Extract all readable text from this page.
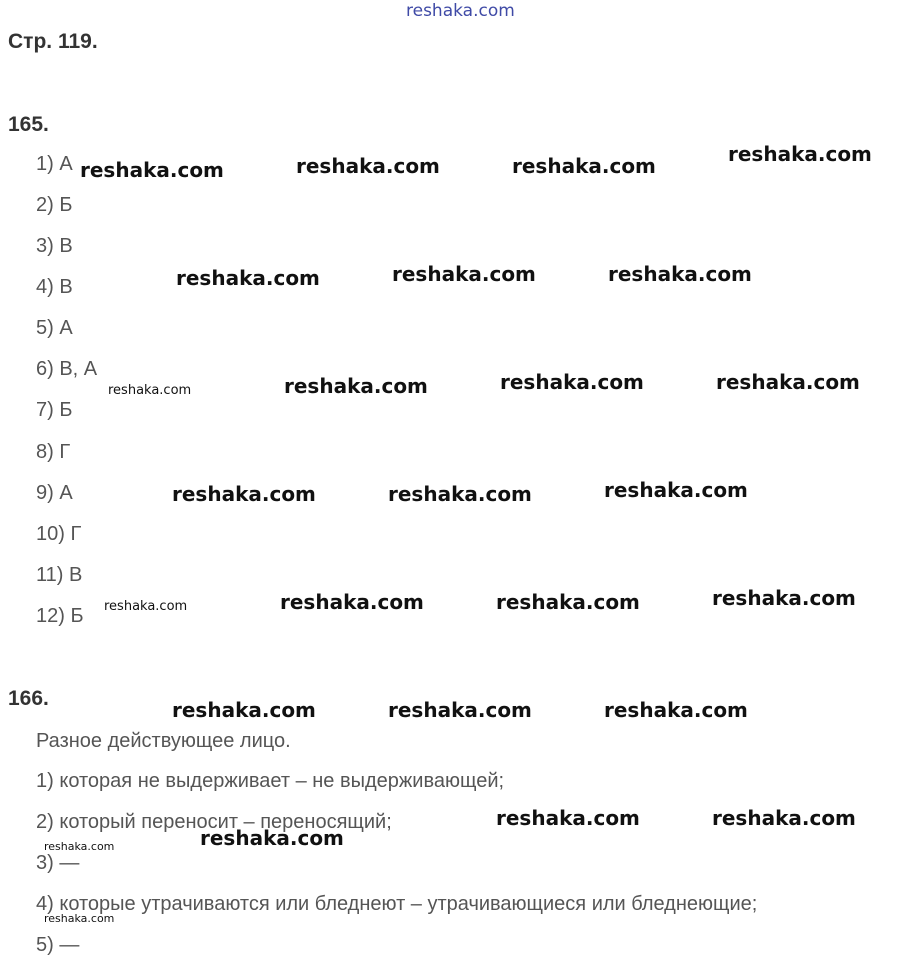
reshaka.com
Стр. 119.
165.
1) А
2) Б
3) В
4) В
5) А
6) В, А
7) Б
8) Г
9) А
10) Г
11) В
12) Б
166.
Разное действующее лицо.
1) которая не выдерживает – не выдерживающей;
2) который переносит – переносящий;
3) —
4) которые утрачиваются или бледнеют – утрачивающиеся или бледнеющие;
5) —
reshaka.com	reshaka.com	reshaka.com	reshaka.com
reshaka.com	reshaka.com	reshaka.com
reshaka.com	reshaka.com	reshaka.com	reshaka.com
reshaka.com	reshaka.com	reshaka.com
reshaka.com	reshaka.com	reshaka.com	reshaka.com
reshaka.com	reshaka.com	reshaka.com
reshaka.com	reshaka.com
reshaka.com
reshaka.com
reshaka.com
